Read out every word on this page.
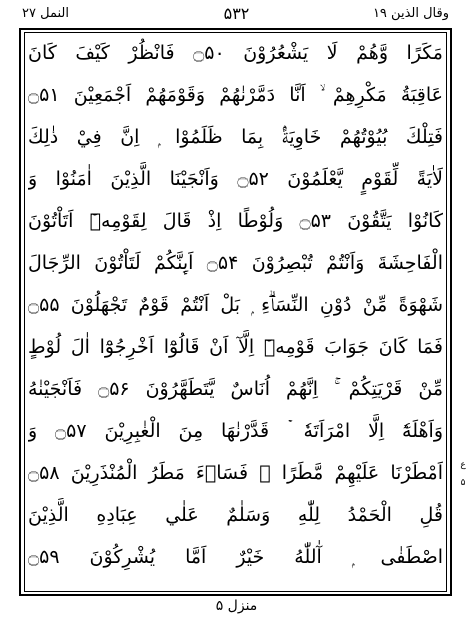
النمل ۲۷	۵۳۲	وقال الذين ۱۹
مَكَرًا وَّهُمْ لَا يَشْعُرُوْنَ ۝۵۰ فَانْظُرْ كَيْفَ كَانَ
عَاقِبَةُ مَكْرِهِمْ ۙ اَنَّا دَمَّرْنٰهُمْ وَقَوْمَهُمْ اَجْمَعِيْنَ ۝۵۱
فَتِلْكَ بُيُوْتُهُمْ خَاوِيَةًۢ بِمَا ظَلَمُوْا ۭ اِنَّ فِيْ ذٰلِكَ
لَاٰيَةً لِّقَوْمٍ يَّعْلَمُوْنَ ۝۵۲ وَاَنْجَيْنَا الَّذِيْنَ اٰمَنُوْا وَ
كَانُوْا يَتَّقُوْنَ ۝۵۳ وَلُوْطًا اِذْ قَالَ لِقَوْمِهٖٓ اَتَاْتُوْنَ
الْفَاحِشَةَ وَاَنْتُمْ تُبْصِرُوْنَ ۝۵۴ اَىِٕنَّكُمْ لَتَاْتُوْنَ الرِّجَالَ
شَهْوَةً مِّنْ دُوْنِ النِّسَاۗءِ ۭ بَلْ اَنْتُمْ قَوْمٌ تَجْهَلُوْنَ ۝۵۵
فَمَا كَانَ جَوَابَ قَوْمِهٖٓ اِلَّآ اَنْ قَالُوْٓا اَخْرِجُوْٓا اٰلَ لُوْطٍ
مِّنْ قَرْيَتِكُمْ ۚ اِنَّهُمْ اُنَاسٌ يَّتَطَهَّرُوْنَ ۝۵۶ فَاَنْجَيْنٰهُ
وَاَهْلَهٗٓ اِلَّا امْرَاَتَهٗ ۡ قَدَّرْنٰهَا مِنَ الْغٰبِرِيْنَ ۝۵۷ وَ
اَمْطَرْنَا عَلَيْهِمْ مَّطَرًا ۚ فَسَاۗءَ مَطَرُ الْمُنْذَرِيْنَ ۝۵۸
قُلِ الْحَمْدُ لِلّٰهِ وَسَلٰمٌ عَلٰي عِبَادِهِ الَّذِيْنَ
اصْطَفٰى ۭ آٰللّٰهُ خَيْرٌ اَمَّا يُشْرِكُوْنَ ۝۵۹
ع
۵
منزل ۵
